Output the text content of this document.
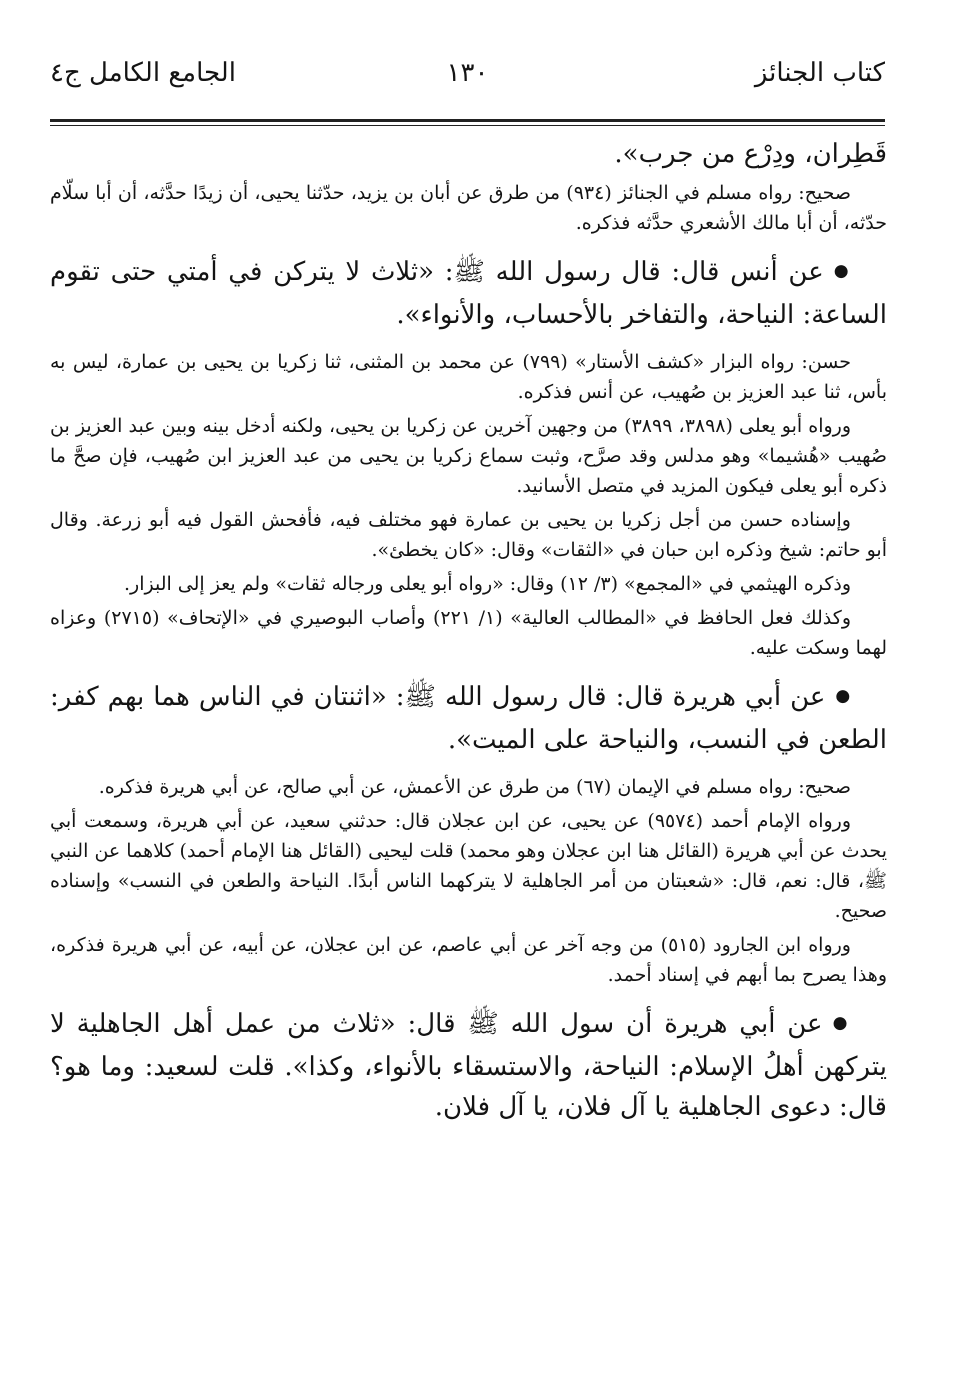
كتاب الجنائز
١٣٠
الجامع الكامل ج٤

قَطِران، ودِرْع من جرب».

صحيح: رواه مسلم في الجنائز (٩٣٤) من طرق عن أبان بن يزيد، حدّثنا يحيى، أن زيدًا حدَّثه، أن أبا سلّام حدّثه، أن أبا مالك الأشعري حدَّثه فذكره.

● عن أنس قال: قال رسول الله ﷺ: «ثلاث لا يتركن في أمتي حتى تقوم الساعة: النياحة، والتفاخر بالأحساب، والأنواء».

حسن: رواه البزار «كشف الأستار» (٧٩٩) عن محمد بن المثنى، ثنا زكريا بن يحيى بن عمارة، ليس به بأس، ثنا عبد العزيز بن صُهيب، عن أنس فذكره.

ورواه أبو يعلى (٣٨٩٨، ٣٨٩٩) من وجهين آخرين عن زكريا بن يحيى، ولكنه أدخل بينه وبين عبد العزيز بن صُهيب «هُشيما» وهو مدلس وقد صرَّح، وثبت سماع زكريا بن يحيى من عبد العزيز ابن صُهيب، فإن صحَّ ما ذكره أبو يعلى فيكون المزيد في متصل الأسانيد.

وإسناده حسن من أجل زكريا بن يحيى بن عمارة فهو مختلف فيه، فأفحش القول فيه أبو زرعة. وقال أبو حاتم: شيخ وذكره ابن حبان في «الثقات» وقال: «كان يخطئ».

وذكره الهيثمي في «المجمع» (٣/ ١٢) وقال: «رواه أبو يعلى ورجاله ثقات» ولم يعز إلى البزار.

وكذلك فعل الحافظ في «المطالب العالية» (١/ ٢٢١) وأصاب البوصيري في «الإتحاف» (٢٧١٥) وعزاه لهما وسكت عليه.

● عن أبي هريرة قال: قال رسول الله ﷺ: «اثنتان في الناس هما بهم كفر: الطعن في النسب، والنياحة على الميت».

صحيح: رواه مسلم في الإيمان (٦٧) من طرق عن الأعمش، عن أبي صالح، عن أبي هريرة فذكره.

ورواه الإمام أحمد (٩٥٧٤) عن يحيى، عن ابن عجلان قال: حدثني سعيد، عن أبي هريرة، وسمعت أبي يحدث عن أبي هريرة (القائل هنا ابن عجلان وهو محمد) قلت ليحيى (القائل هنا الإمام أحمد) كلاهما عن النبي ﷺ، قال: نعم، قال: «شعبتان من أمر الجاهلية لا يتركهما الناس أبدًا. النياحة والطعن في النسب» وإسناده صحيح.

ورواه ابن الجارود (٥١٥) من وجه آخر عن أبي عاصم، عن ابن عجلان، عن أبيه، عن أبي هريرة فذكره، وهذا يصرح بما أبهم في إسناد أحمد.

● عن أبي هريرة أن سول الله ﷺ قال: «ثلاث من عمل أهل الجاهلية لا يتركهن أهلُ الإسلام: النياحة، والاستسقاء بالأنواء، وكذا». قلت لسعيد: وما هو؟ قال: دعوى الجاهلية يا آل فلان، يا آل فلان.
